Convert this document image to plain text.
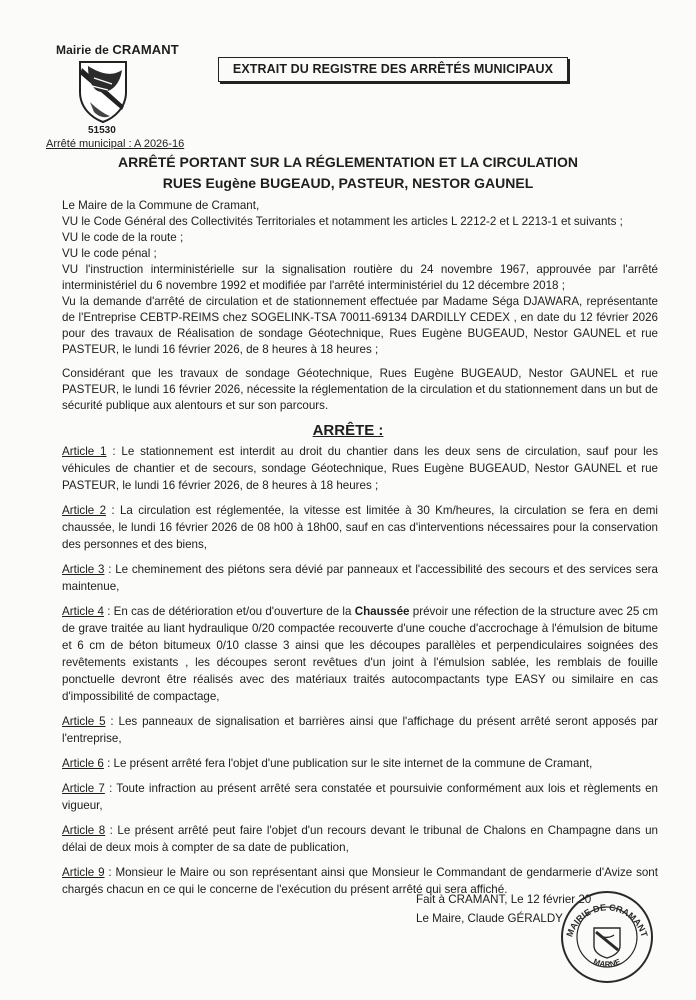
Mairie de CRAMANT
51530
Arrêté municipal : A 2026-16
EXTRAIT DU REGISTRE DES ARRÊTÉS MUNICIPAUX
ARRÊTÉ PORTANT SUR LA RÉGLEMENTATION ET LA CIRCULATION
RUES Eugène BUGEAUD, PASTEUR, NESTOR GAUNEL
Le Maire de la Commune de Cramant,
VU le Code Général des Collectivités Territoriales et notamment les articles L 2212-2 et L 2213-1 et suivants ;
VU le code de la route ;
VU le code pénal ;
VU l'instruction interministérielle sur la signalisation routière du 24 novembre 1967, approuvée par l'arrêté interministériel du 6 novembre 1992 et modifiée par l'arrêté interministériel du 12 décembre 2018 ;
Vu la demande d'arrêté de circulation et de stationnement effectuée par Madame Séga DJAWARA, représentante de l'Entreprise CEBTP-REIMS chez SOGELINK-TSA 70011-69134 DARDILLY CEDEX , en date du 12 février 2026 pour des travaux de Réalisation de sondage Géotechnique, Rues Eugène BUGEAUD, Nestor GAUNEL et rue PASTEUR, le lundi 16 février 2026, de 8 heures à 18 heures ;
Considérant que les travaux de sondage Géotechnique, Rues Eugène BUGEAUD, Nestor GAUNEL et rue PASTEUR, le lundi 16 février 2026, nécessite la réglementation de la circulation et du stationnement dans un but de sécurité publique aux alentours et sur son parcours.
ARRÊTE :
Article 1 : Le stationnement est interdit au droit du chantier dans les deux sens de circulation, sauf pour les véhicules de chantier et de secours, sondage Géotechnique, Rues Eugène BUGEAUD, Nestor GAUNEL et rue PASTEUR, le lundi 16 février 2026, de 8 heures à 18 heures ;
Article 2 : La circulation est réglementée, la vitesse est limitée à 30 Km/heures, la circulation se fera en demi chaussée, le lundi 16 février 2026 de 08 h00 à 18h00, sauf en cas d'interventions nécessaires pour la conservation des personnes et des biens,
Article 3 : Le cheminement des piétons sera dévié par panneaux et l'accessibilité des secours et des services sera maintenue,
Article 4 : En cas de détérioration et/ou d'ouverture de la Chaussée prévoir une réfection de la structure avec 25 cm de grave traitée au liant hydraulique 0/20 compactée recouverte d'une couche d'accrochage à l'émulsion de bitume et 6 cm de béton bitumeux 0/10 classe 3 ainsi que les découpes parallèles et perpendiculaires soignées des revêtements existants , les découpes seront revêtues d'un joint à l'émulsion sablée, les remblais de fouille ponctuelle devront être réalisés avec des matériaux traités autocompactants type EASY ou similaire en cas d'impossibilité de compactage,
Article 5 : Les panneaux de signalisation et barrières ainsi que l'affichage du présent arrêté seront apposés par l'entreprise,
Article 6 : Le présent arrêté fera l'objet d'une publication sur le site internet de la commune de Cramant,
Article 7 : Toute infraction au présent arrêté sera constatée et poursuivie conformément aux lois et règlements en vigueur,
Article 8 : Le présent arrêté peut faire l'objet d'un recours devant le tribunal de Chalons en Champagne dans un délai de deux mois à compter de sa date de publication,
Article 9 : Monsieur le Maire ou son représentant ainsi que Monsieur le Commandant de gendarmerie d'Avize sont chargés chacun en ce qui le concerne de l'exécution du présent arrêté qui sera affiché.
Fait à CRAMANT, Le 12 février 20
Le Maire, Claude GÉRALDY
MAIRIE DE CRAMANT
MARNE
